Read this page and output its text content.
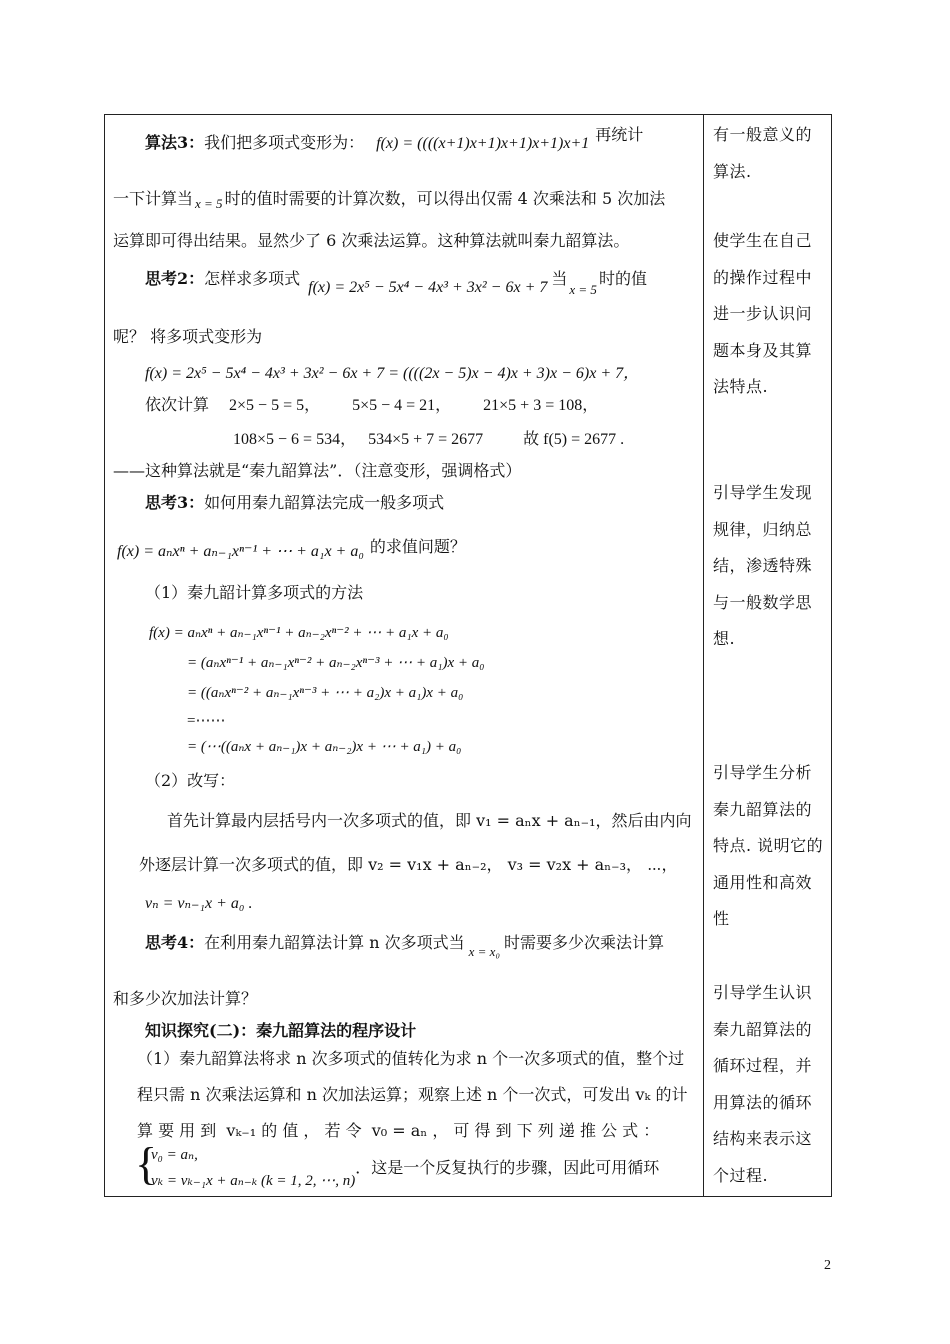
算法3：我们把多项式变形为： f(x) = ((((x+1)x+1)x+1)x+1)x+1 再统计
一下计算当 $_{x = 5}$ 时的值时需要的计算次数，可以得出仅需 4 次乘法和 5 次加法
运算即可得出结果。显然少了 6 次乘法运算。这种算法就叫秦九韶算法。
思考2：怎样求多项式 f(x) = 2x⁵ − 5x⁴ − 4x³ + 3x² − 6x + 7 当$_{x = 5}$时的值
呢？ 将多项式变形为
f(x) = 2x⁵ − 5x⁴ − 4x³ + 3x² − 6x + 7 = ((((2x − 5)x − 4)x + 3)x − 6)x + 7，
依次计算 2×5 − 5 = 5，        5×5 − 4 = 21，        21×5 + 3 = 108，
108×5 − 6 = 534，   534×5 + 7 = 2677          故 f(5) = 2677 .
——这种算法就是“秦九韶算法”．（注意变形，强调格式）
思考3：如何用秦九韶算法完成一般多项式
f(x) = aₙxⁿ + aₙ₋₁xⁿ⁻¹ + ⋯ + a₁x + a₀ 的求值问题？
（1）秦九韶计算多项式的方法
f(x) = aₙxⁿ + aₙ₋₁xⁿ⁻¹ + aₙ₋₂xⁿ⁻² + ⋯ + a₁x + a₀
= (aₙxⁿ⁻¹ + aₙ₋₁xⁿ⁻² + aₙ₋₂xⁿ⁻³ + ⋯ + a₁)x + a₀
= ((aₙxⁿ⁻² + aₙ₋₁xⁿ⁻³ + ⋯ + a₂)x + a₁)x + a₀
=⋯⋯
= (⋯((aₙx + aₙ₋₁)x + aₙ₋₂)x + ⋯ + a₁) + a₀
（2）改写：
首先计算最内层括号内一次多项式的值，即 v₁ = aₙx + aₙ₋₁，然后由内向
外逐层计算一次多项式的值，即 v₂ = v₁x + aₙ₋₂， v₃ = v₂x + aₙ₋₃， ⋯，
vₙ = vₙ₋₁x + a₀ .
思考4：在利用秦九韶算法计算 n 次多项式当 $_{x = x_0}$ 时需要多少次乘法计算
和多少次加法计算？
知识探究(二)：秦九韶算法的程序设计
（1）秦九韶算法将求 n 次多项式的值转化为求 n 个一次多项式的值，整个过
程只需 n 次乘法运算和 n 次加法运算；观察上述 n 个一次式，可发出 vₖ 的计
算 要 用 到  vₖ₋₁ 的 值 ， 若 令  v₀ = aₙ ， 可 得 到 下 列 递 推 公 式 ：
{
v₀ = aₙ,
vₖ = vₖ₋₁x + aₙ₋ₖ (k = 1, 2, ⋯, n)．这是一个反复执行的步骤，因此可用循环
有一般意义的算法.
使学生在自己的操作过程中进一步认识问题本身及其算法特点.
引导学生发现规律，归纳总结，渗透特殊与一般数学思想.
引导学生分析秦九韶算法的特点. 说明它的通用性和高效性
引导学生认识秦九韶算法的循环过程，并用算法的循环结构来表示这个过程.
2
